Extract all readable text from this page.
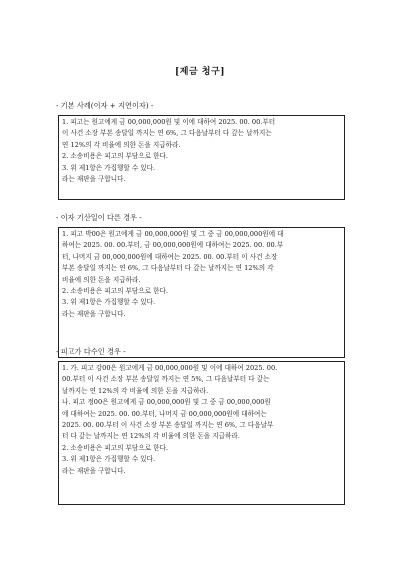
[제금 청구]
- 기본 사례(이자 + 지연이자) -
1. 피고는 원고에게 금 00,000,000원 및 이에 대하여 2025. 00. 00.부터
이 사건 소장 부본 송달일 까지는 연 6%, 그 다음날부터 다 갚는 날까지는
연 12%의 각 비율에 의한 돈을 지급하라.
2. 소송비용은 피고의 부담으로 한다.
3. 위 제1항은 가집행할 수 있다.
라는 재판을 구합니다.
- 이자 기산일이 다른 경우 -
1. 피고 박00은 원고에게 금 00,000,000원 및 그 중 금 00,000,000원에 대
하여는 2025. 00. 00.부터, 금 00,000,000원에 대하여는 2025. 00. 00.부
터, 나머지 금 00,000,000원에 대하여는 2025. 00. 00.부터 이 사건 소장
부본 송달일 까지는 연 6%, 그 다음날부터 다 갚는 날까지는 연 12%의 각
비율에 의한 돈을 지급하라.
2. 소송비용은 피고의 부담으로 한다.
3. 위 제1항은 가집행할 수 있다.
라는 재판을 구합니다.
- 피고가 다수인 경우 -
1. 가. 피고 강00은 원고에게 금 00,000,000원 및 이에 대하여 2025. 00.
00.부터 이 사건 소장 부본 송달일 까지는 연 5%, 그 다음날부터 다 갚는
날까지는 연 12%의 각 비율에 의한 돈을 지급하라.
나. 피고 정00은 원고에게 금 00,000,000원 및 그 중 금 00,000,000원
에 대하여는 2025. 00. 00.부터, 나머지 금 00,000,000원에 대하여는
2025. 00. 00.부터 이 사건 소장 부본 송달일 까지는 연 6%, 그 다음날부
터 다 갚는 날까지는 연 12%의 각 비율에 의한 돈을 지급하라.
2. 소송비용은 피고의 부담으로 한다.
3. 위 제1항은 가집행할 수 있다.
라는 재판을 구합니다.
